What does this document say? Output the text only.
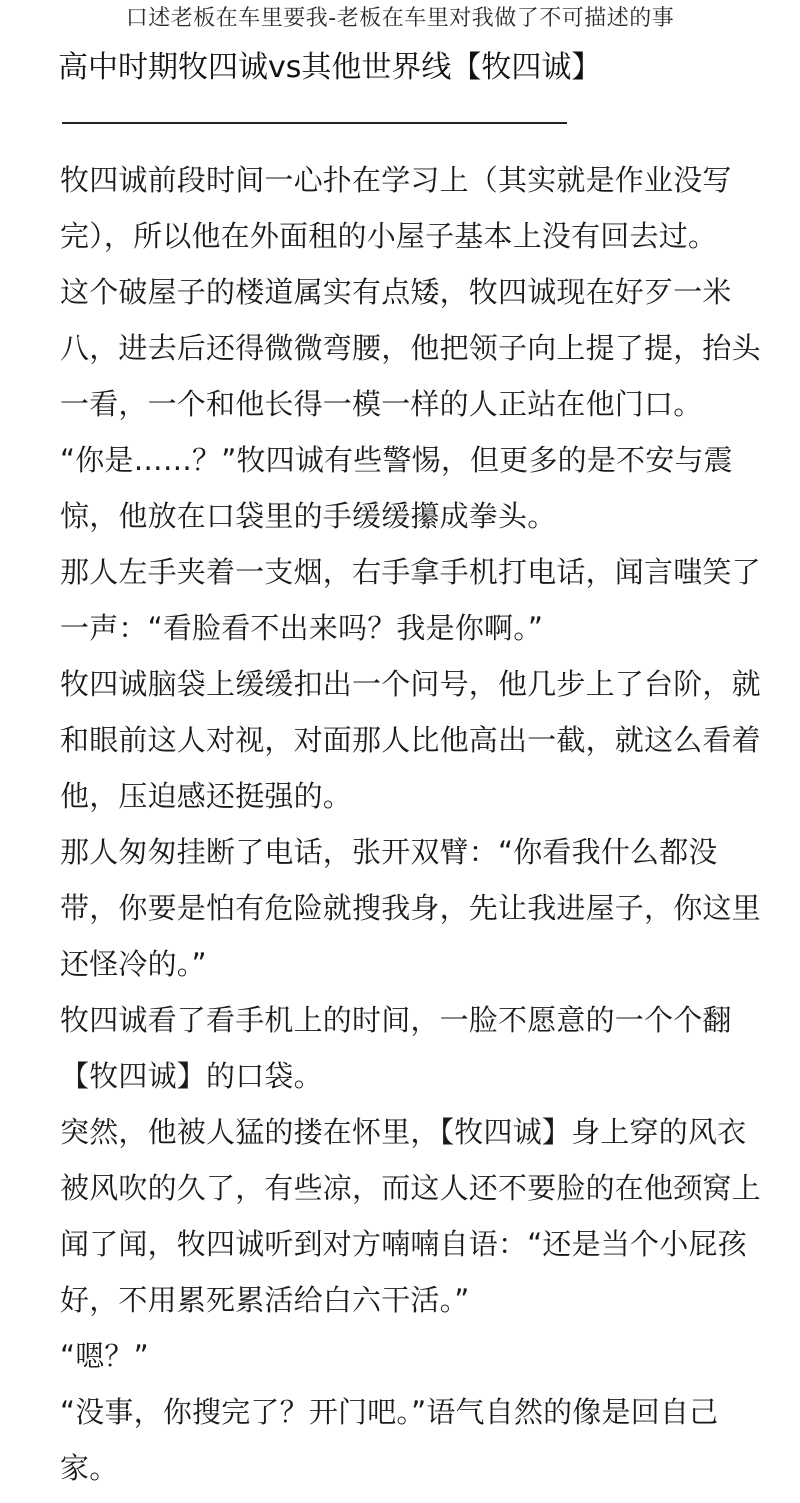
口述老板在车里要我-老板在车里对我做了不可描述的事
高中时期牧四诚vs其他世界线【牧四诚】
牧四诚前段时间一心扑在学习上（其实就是作业没写
完），所以他在外面租的小屋子基本上没有回去过。
这个破屋子的楼道属实有点矮，牧四诚现在好歹一米
八，进去后还得微微弯腰，他把领子向上提了提，抬头
一看，一个和他长得一模一样的人正站在他门口。
“你是……？”牧四诚有些警惕，但更多的是不安与震
惊，他放在口袋里的手缓缓攥成拳头。
那人左手夹着一支烟，右手拿手机打电话，闻言嗤笑了
一声：“看脸看不出来吗？我是你啊。”
牧四诚脑袋上缓缓扣出一个问号，他几步上了台阶，就
和眼前这人对视，对面那人比他高出一截，就这么看着
他，压迫感还挺强的。
那人匆匆挂断了电话，张开双臂：“你看我什么都没
带，你要是怕有危险就搜我身，先让我进屋子，你这里
还怪冷的。”
牧四诚看了看手机上的时间，一脸不愿意的一个个翻
【牧四诚】的口袋。
突然，他被人猛的搂在怀里，【牧四诚】身上穿的风衣
被风吹的久了，有些凉，而这人还不要脸的在他颈窝上
闻了闻，牧四诚听到对方喃喃自语：“还是当个小屁孩
好，不用累死累活给白六干活。”
“嗯？”
“没事，你搜完了？开门吧。”语气自然的像是回自己
家。
